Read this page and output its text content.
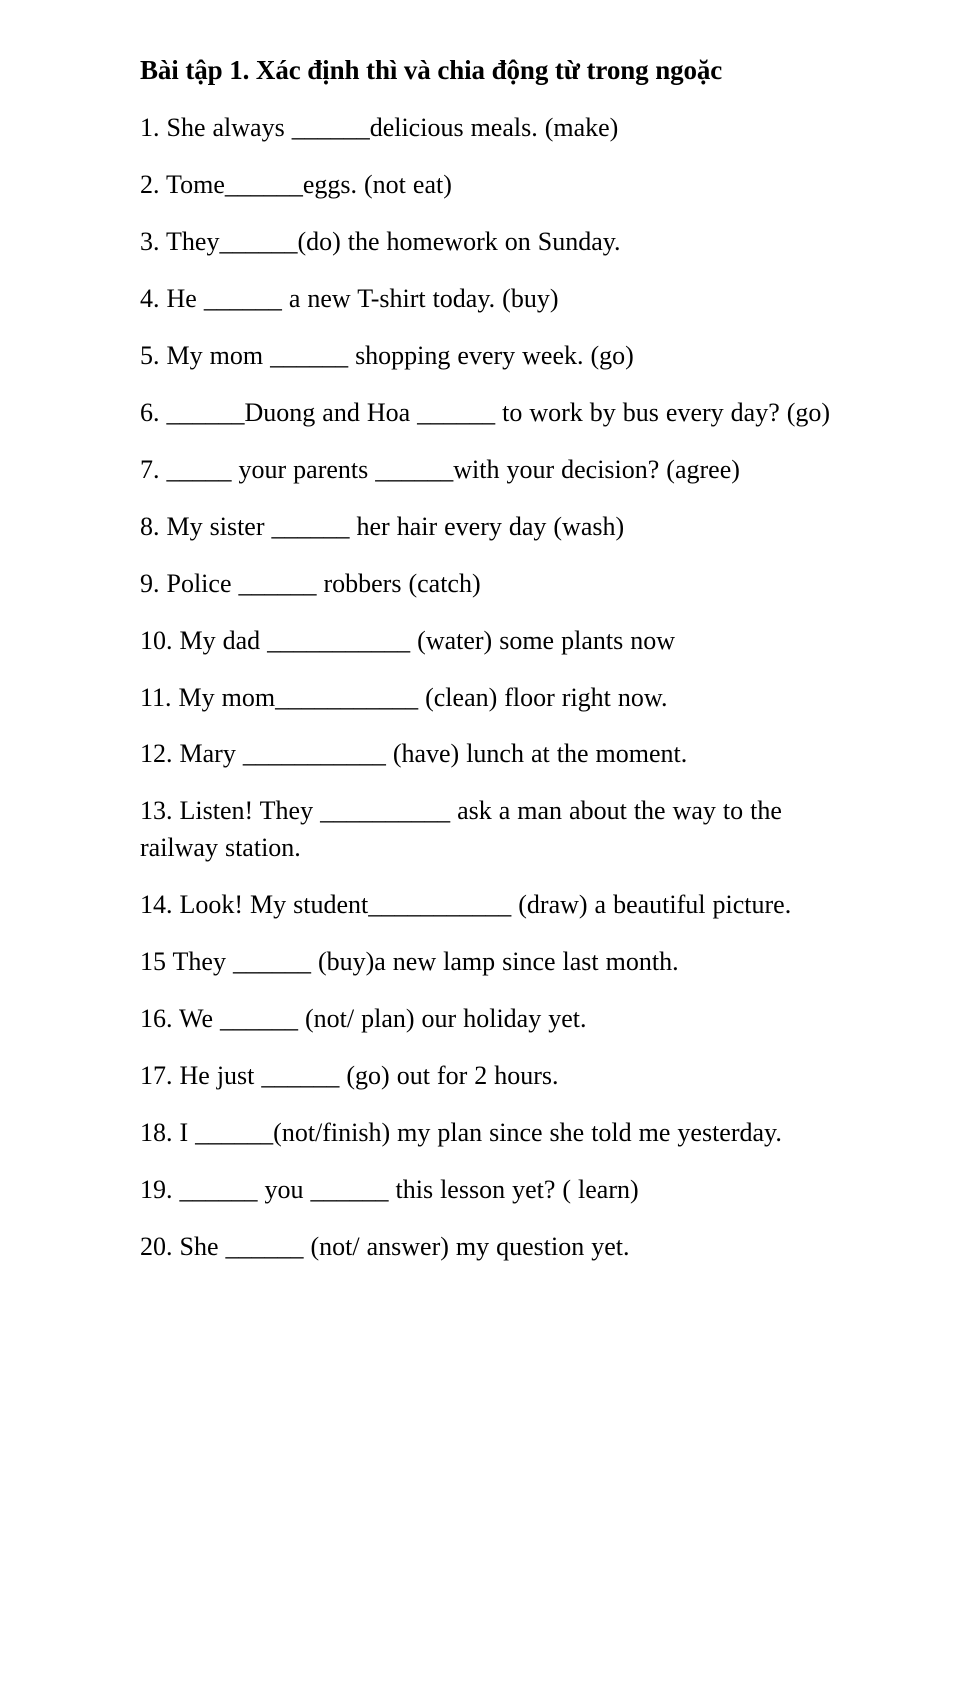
Bài tập 1. Xác định thì và chia động từ trong ngoặc
1. She always ______delicious meals. (make)
2. Tome______eggs. (not eat)
3. They______(do) the homework on Sunday.
4. He ______ a new T-shirt today. (buy)
5. My mom ______ shopping every week. (go)
6. ______Duong and Hoa ______ to work by bus every day? (go)
7. _____ your parents ______with your decision? (agree)
8. My sister ______ her hair every day (wash)
9. Police ______ robbers (catch)
10. My dad ___________ (water) some plants now
11. My mom___________ (clean) floor right now.
12. Mary ___________ (have) lunch at the moment.
13. Listen! They __________ ask a man about the way to the railway station.
14. Look! My student___________ (draw) a beautiful picture.
15 They ______ (buy)a new lamp since last month.
16. We ______ (not/ plan) our holiday yet.
17. He just ______ (go) out for 2 hours.
18. I ______(not/finish) my plan since she told me yesterday.
19. ______ you ______ this lesson yet? ( learn)
20. She ______ (not/ answer) my question yet.
